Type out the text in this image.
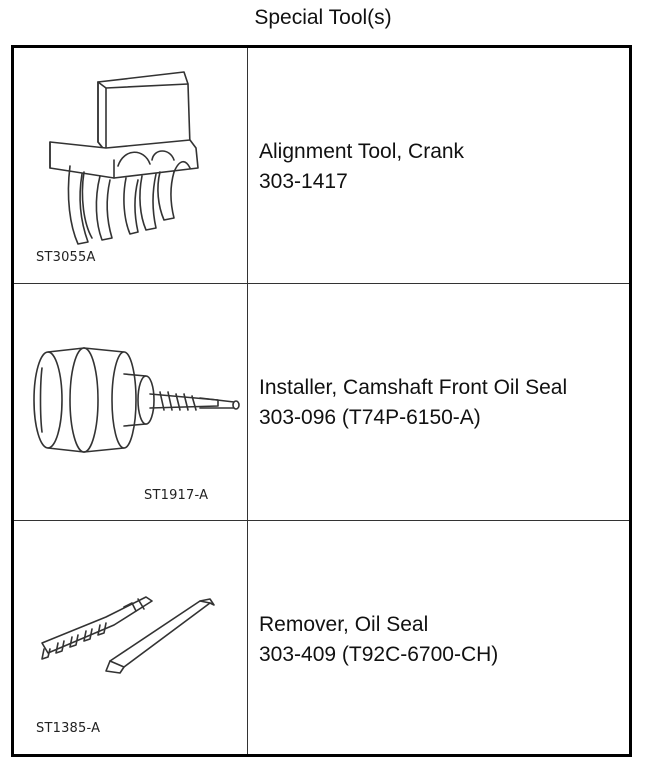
Special Tool(s)
ST3055A
Alignment Tool, Crank
303-1417
ST1917-A
Installer, Camshaft Front Oil Seal
303-096 (T74P-6150-A)
ST1385-A
Remover, Oil Seal
303-409 (T92C-6700-CH)
